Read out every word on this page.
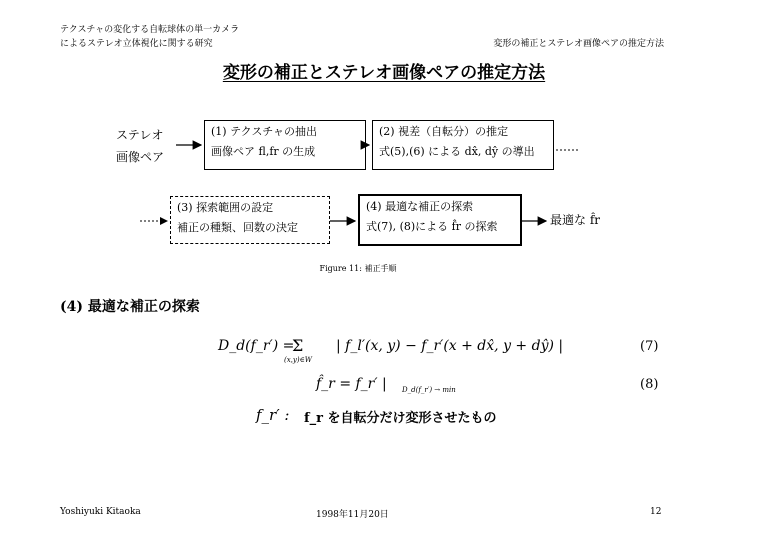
テクスチャの変化する自転球体の単一カメラ
によるステレオ立体視化に関する研究	変形の補正とステレオ画像ペアの推定方法
変形の補正とステレオ画像ペアの推定方法
ステレオ
画像ペア
(1) テクスチャの抽出
画像ペア fl,fr の生成
(2) 視差（自転分）の推定
式(5),(6) による dx̂, dŷ の導出
(3) 探索範囲の設定
補正の種類、回数の決定
(4) 最適な補正の探索
式(7), (8)による f̂r の探索	最適な f̂r
Figure 11: 補正手順
(4) 最適な補正の探索
D_d(f_r′) =
Σ
(x,y)∈W
| f_l′(x, y) − f_r′(x + dx̂, y + dŷ) |	(7)
f̂_r = f_r′ | D_d(f_r′) → min	(8)
f_r′ : f_r を自転分だけ変形させたもの
Yoshiyuki Kitaoka	1998年11月20日	12
